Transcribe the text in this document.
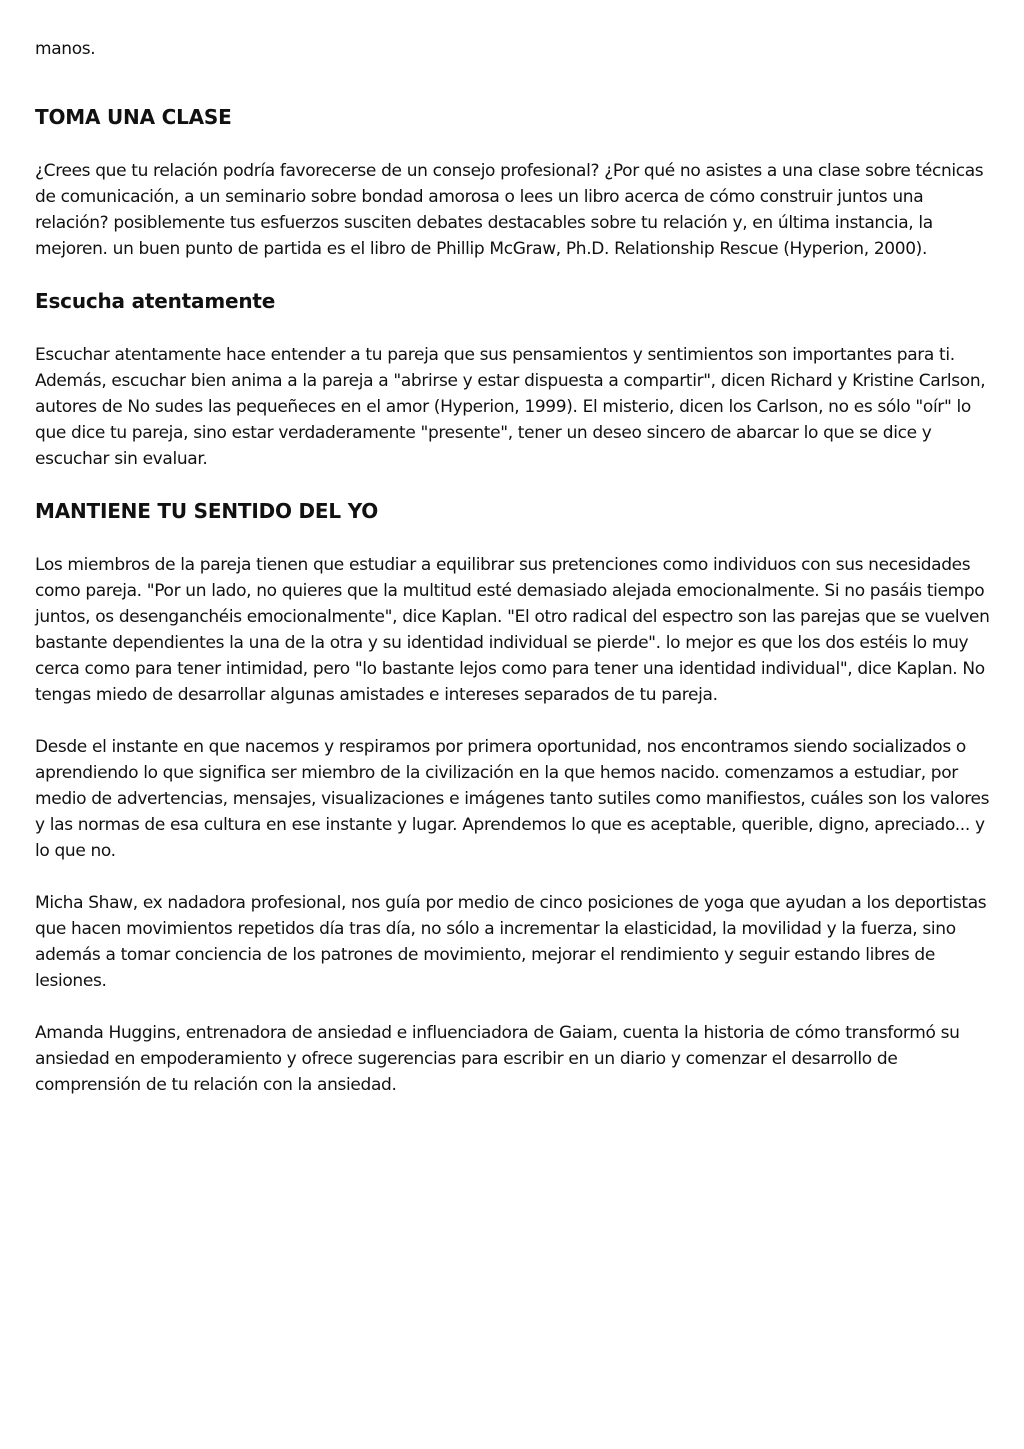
manos.

TOMA UNA CLASE

¿Crees que tu relación podría favorecerse de un consejo profesional? ¿Por qué no asistes a una clase sobre técnicas de comunicación, a un seminario sobre bondad amorosa o lees un libro acerca de cómo construir juntos una relación? posiblemente tus esfuerzos susciten debates destacables sobre tu relación y, en última instancia, la mejoren. un buen punto de partida es el libro de Phillip McGraw, Ph.D. Relationship Rescue (Hyperion, 2000).

Escucha atentamente

Escuchar atentamente hace entender a tu pareja que sus pensamientos y sentimientos son importantes para ti. Además, escuchar bien anima a la pareja a "abrirse y estar dispuesta a compartir", dicen Richard y Kristine Carlson, autores de No sudes las pequeñeces en el amor (Hyperion, 1999). El misterio, dicen los Carlson, no es sólo "oír" lo que dice tu pareja, sino estar verdaderamente "presente", tener un deseo sincero de abarcar lo que se dice y escuchar sin evaluar.

MANTIENE TU SENTIDO DEL YO

Los miembros de la pareja tienen que estudiar a equilibrar sus pretenciones como individuos con sus necesidades como pareja. "Por un lado, no quieres que la multitud esté demasiado alejada emocionalmente. Si no pasáis tiempo juntos, os desenganchéis emocionalmente", dice Kaplan. "El otro radical del espectro son las parejas que se vuelven bastante dependientes la una de la otra y su identidad individual se pierde". lo mejor es que los dos estéis lo muy cerca como para tener intimidad, pero "lo bastante lejos como para tener una identidad individual", dice Kaplan. No tengas miedo de desarrollar algunas amistades e intereses separados de tu pareja.

Desde el instante en que nacemos y respiramos por primera oportunidad, nos encontramos siendo socializados o aprendiendo lo que significa ser miembro de la civilización en la que hemos nacido. comenzamos a estudiar, por medio de advertencias, mensajes, visualizaciones e imágenes tanto sutiles como manifiestos, cuáles son los valores y las normas de esa cultura en ese instante y lugar. Aprendemos lo que es aceptable, querible, digno, apreciado... y lo que no.

Micha Shaw, ex nadadora profesional, nos guía por medio de cinco posiciones de yoga que ayudan a los deportistas que hacen movimientos repetidos día tras día, no sólo a incrementar la elasticidad, la movilidad y la fuerza, sino además a tomar conciencia de los patrones de movimiento, mejorar el rendimiento y seguir estando libres de lesiones.

Amanda Huggins, entrenadora de ansiedad e influenciadora de Gaiam, cuenta la historia de cómo transformó su ansiedad en empoderamiento y ofrece sugerencias para escribir en un diario y comenzar el desarrollo de comprensión de tu relación con la ansiedad.
